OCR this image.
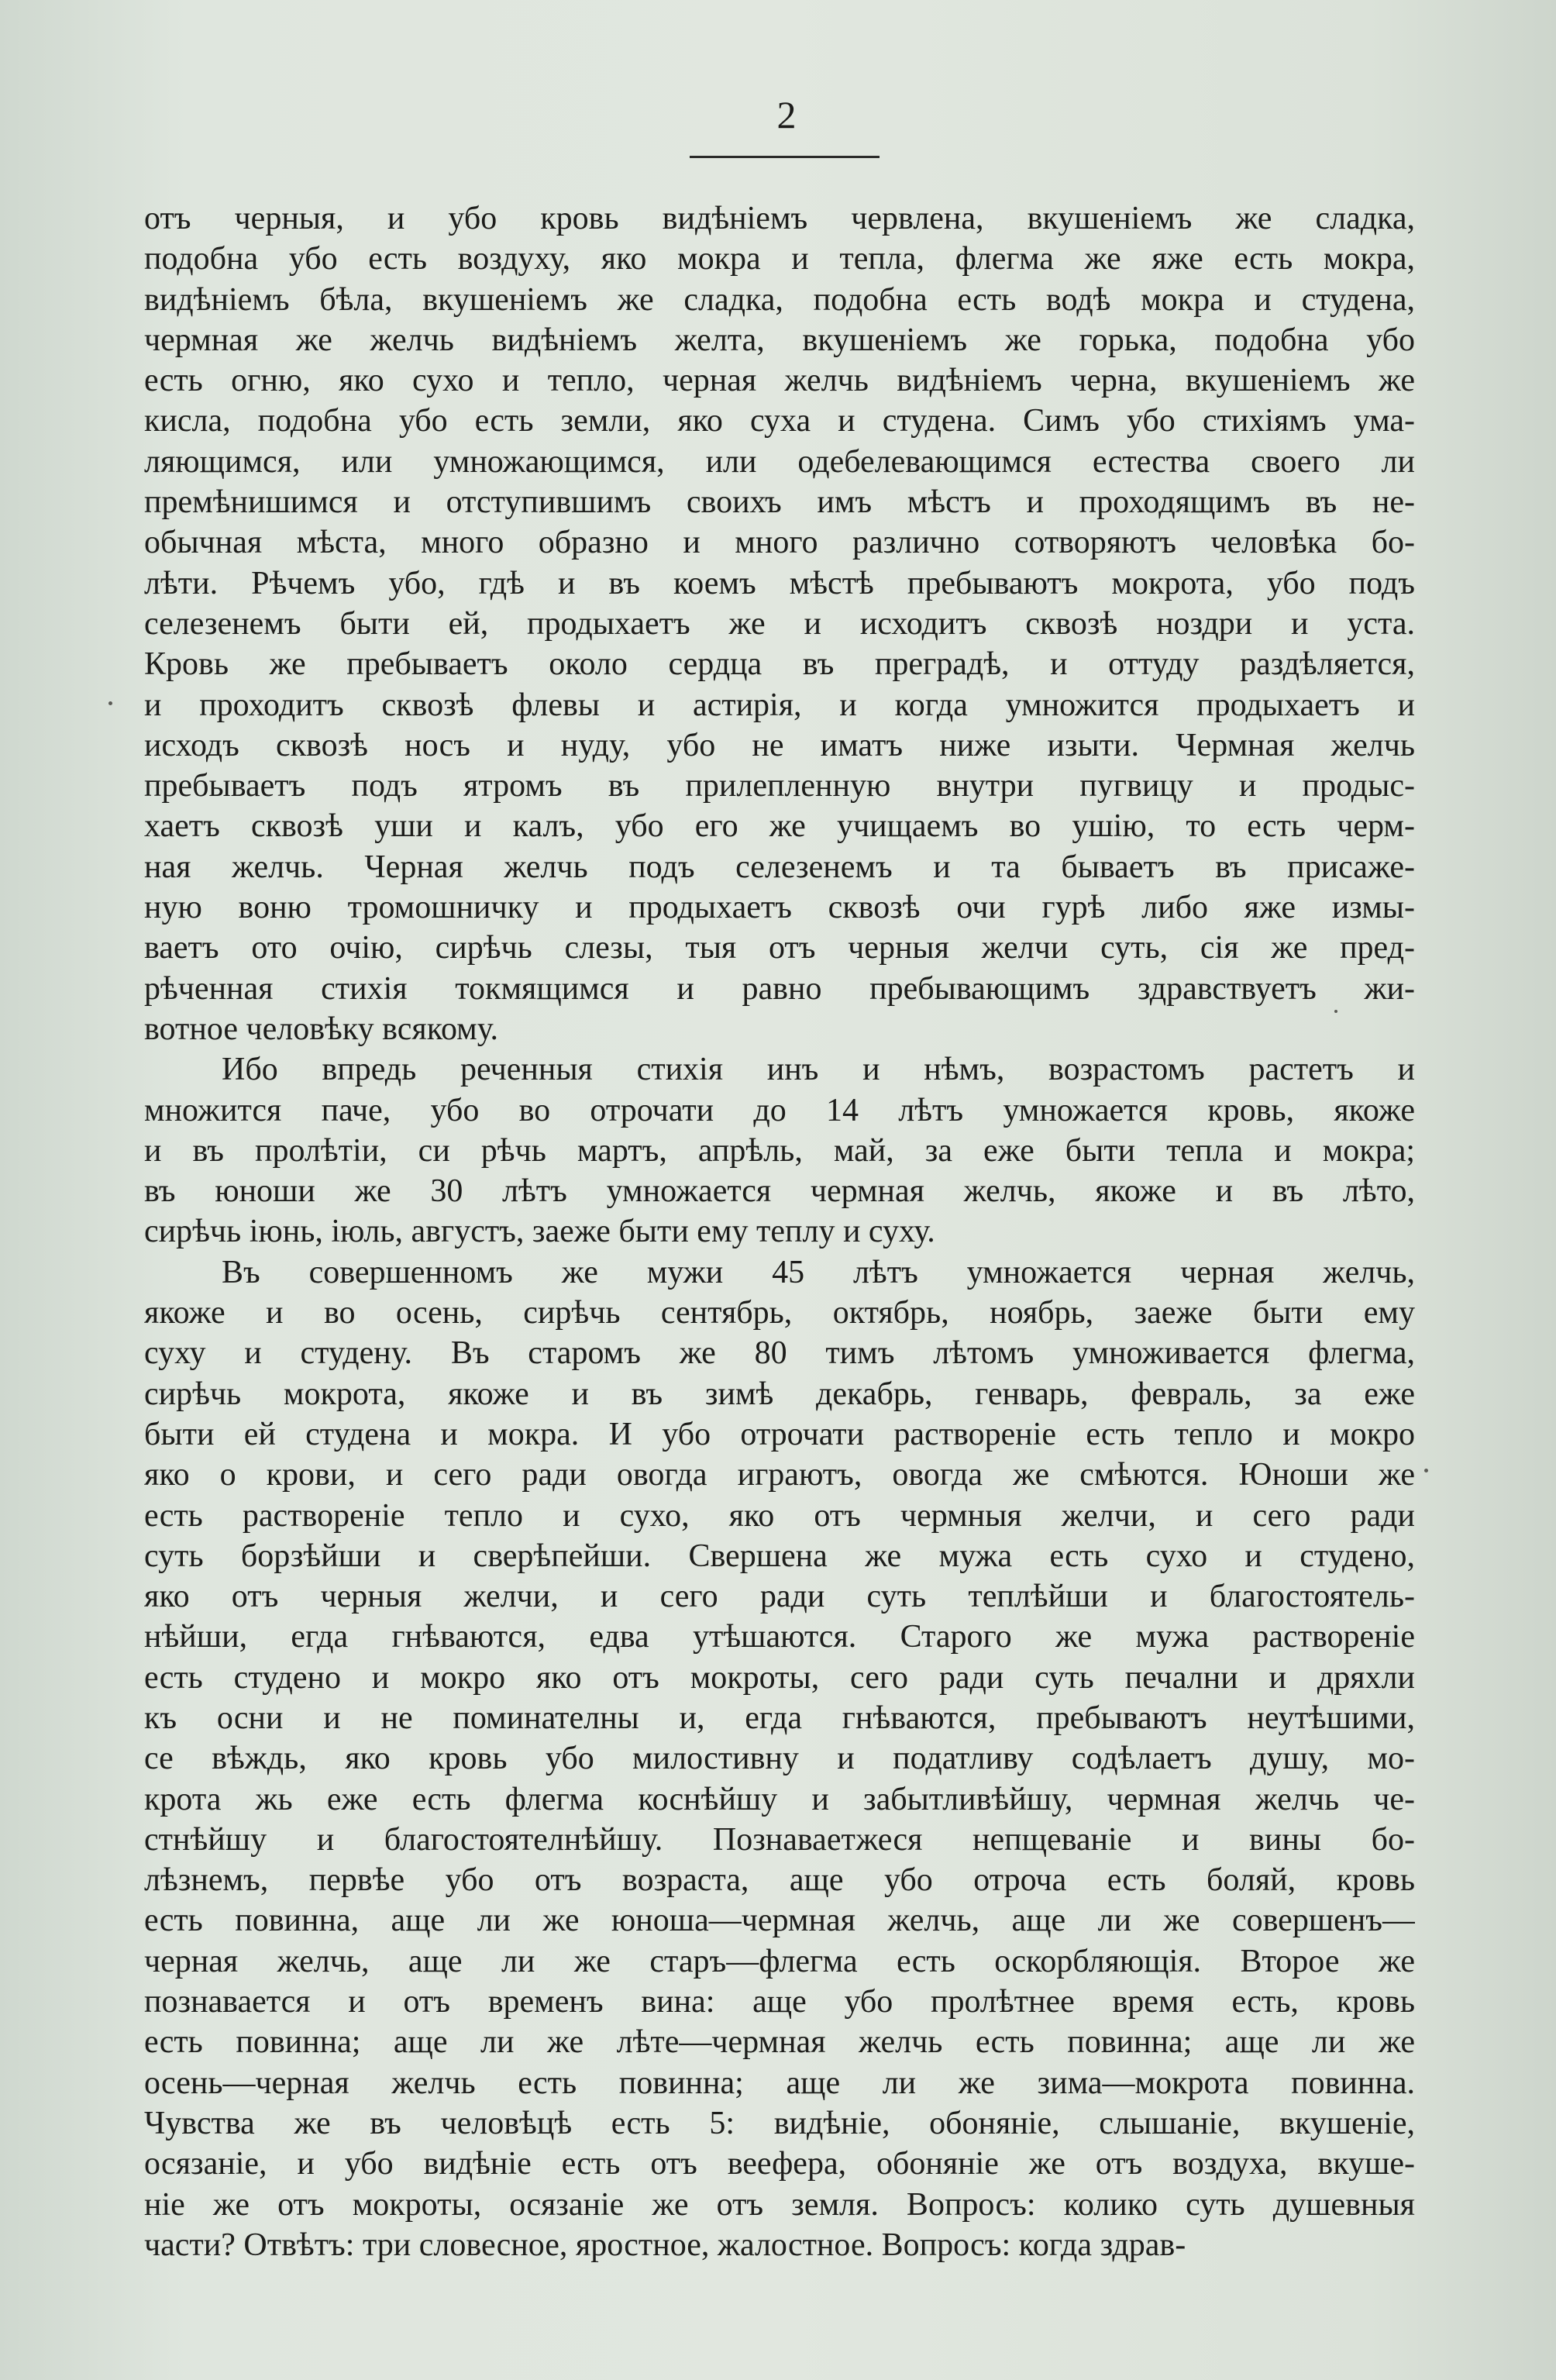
2
отъ черныя, и убо кровь видѣніемъ червлена, вкушеніемъ же сладка,
подобна убо есть воздуху, яко мокра и тепла, флегма же яже есть мокра,
видѣніемъ бѣла, вкушеніемъ же сладка, подобна есть водѣ мокра и студена,
чермная же желчь видѣніемъ желта, вкушеніемъ же горька, подобна убо
есть огню, яко сухо и тепло, черная желчь видѣніемъ черна, вкушеніемъ же
кисла, подобна убо есть земли, яко суха и студена. Симъ убо стихіямъ ума-
ляющимся, или умножающимся, или одебелевающимся естества своего ли
премѣнишимся и отступившимъ своихъ имъ мѣстъ и проходящимъ въ не-
обычная мѣста, много образно и много различно сотворяютъ человѣка бо-
лѣти. Рѣчемъ убо, гдѣ и въ коемъ мѣстѣ пребываютъ мокрота, убо подъ
селезенемъ быти ей, продыхаетъ же и исходитъ сквозѣ ноздри и уста.
Кровь же пребываетъ около сердца въ преградѣ, и оттуду раздѣляется,
и проходитъ сквозѣ флевы и астирія, и когда умножится продыхаетъ и
исходъ сквозѣ носъ и нуду, убо не иматъ ниже изыти. Чермная желчь
пребываетъ подъ ятромъ въ прилепленную внутри пугвицу и продыс-
хаетъ сквозѣ уши и калъ, убо его же учищаемъ во ушію, то есть черм-
ная желчь. Черная желчь подъ селезенемъ и та бываетъ въ присаже-
ную воню тромошничку и продыхаетъ сквозѣ очи гурѣ либо яже измы-
ваетъ ото очію, сирѣчь слезы, тыя отъ черныя желчи суть, сія же пред-
рѣченная стихія токмящимся и равно пребывающимъ здравствуетъ жи-
вотное человѣку всякому.
Ибо впредь реченныя стихія инъ и нѣмъ, возрастомъ растетъ и
множится паче, убо во отрочати до 14 лѣтъ умножается кровь, якоже
и въ пролѣтіи, си рѣчь мартъ, апрѣль, май, за еже быти тепла и мокра;
въ юноши же 30 лѣтъ умножается чермная желчь, якоже и въ лѣто,
сирѣчь іюнь, іюль, августъ, заеже быти ему теплу и суху.
Въ совершенномъ же мужи 45 лѣтъ умножается черная желчь,
якоже и во осень, сирѣчь сентябрь, октябрь, ноябрь, заеже быти ему
суху и студену. Въ старомъ же 80 тимъ лѣтомъ умноживается флегма,
сирѣчь мокрота, якоже и въ зимѣ декабрь, генварь, февраль, за еже
быти ей студена и мокра. И убо отрочати раствореніе есть тепло и мокро
яко о крови, и сего ради овогда играютъ, овогда же смѣются. Юноши же
есть раствореніе тепло и сухо, яко отъ чермныя желчи, и сего ради
суть борзѣйши и сверѣпейши. Свершена же мужа есть сухо и студено,
яко отъ черныя желчи, и сего ради суть теплѣйши и благостоятель-
нѣйши, егда гнѣваются, едва утѣшаются. Старого же мужа раствореніе
есть студено и мокро яко отъ мокроты, сего ради суть печални и дряхли
къ осни и не поминателны и, егда гнѣваются, пребываютъ неутѣшими,
се вѣждь, яко кровь убо милостивну и податливу содѣлаетъ душу, мо-
крота жь еже есть флегма коснѣйшу и забытливѣйшу, чермная желчь че-
стнѣйшу и благостоятелнѣйшу. Познаваетжеся непщеваніе и вины бо-
лѣзнемъ, первѣе убо отъ возраста, аще убо отроча есть боляй, кровь
есть повинна, аще ли же юноша—чермная желчь, аще ли же совершенъ—
черная желчь, аще ли же старъ—флегма есть оскорбляющія. Второе же
познавается и отъ временъ вина: аще убо пролѣтнее время есть, кровь
есть повинна; аще ли же лѣте—чермная желчь есть повинна; аще ли же
осень—черная желчь есть повинна; аще ли же зима—мокрота повинна.
Чувства же въ человѣцѣ есть 5: видѣніе, обоняніе, слышаніе, вкушеніе,
осязаніе, и убо видѣніе есть отъ веефера, обоняніе же отъ воздуха, вкуше-
ніе же отъ мокроты, осязаніе же отъ земля. Вопросъ: колико суть душевныя
части? Отвѣтъ: три словесное, яростное, жалостное. Вопросъ: когда здрав-
